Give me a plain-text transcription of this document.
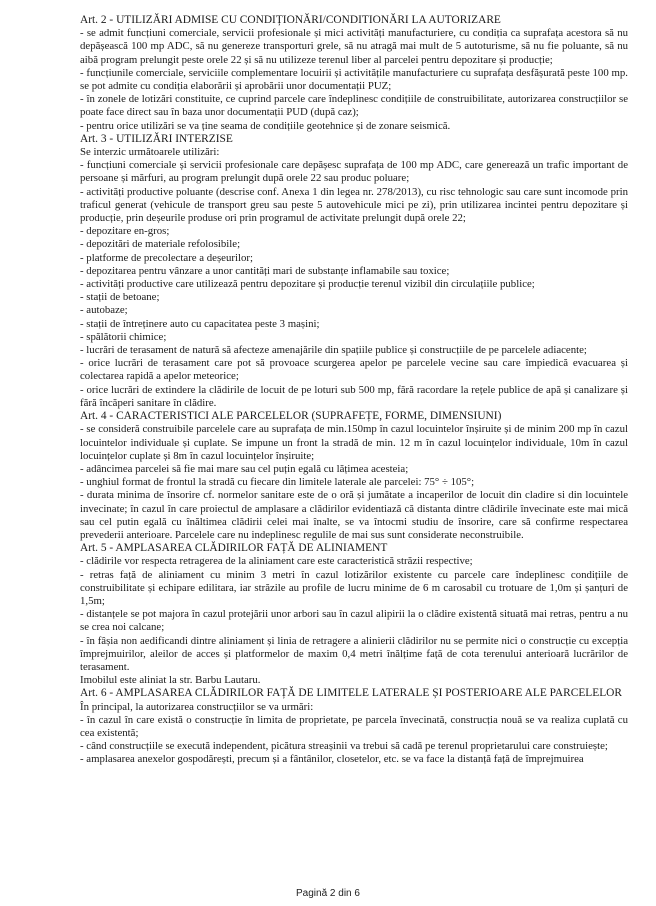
Art. 2 - UTILIZĂRI ADMISE CU CONDIȚIONĂRI/CONDITIONĂRI LA AUTORIZARE

- se admit funcțiuni comerciale, servicii profesionale și mici activități manufacturiere, cu condiția ca suprafața acestora să nu depășească 100 mp ADC, să nu genereze transporturi grele, să nu atragă mai mult de 5 autoturisme, să nu fie poluante, să nu aibă program prelungit peste orele 22 și să nu utilizeze terenul liber al parcelei pentru depozitare și producție;

- funcțiunile comerciale, serviciile complementare locuirii și activitățile manufacturiere cu suprafața desfășurată peste 100 mp. se pot admite cu condiția elaborării și aprobării unor documentații PUZ;

- în zonele de lotizări constituite, ce cuprind parcele care îndeplinesc condițiile de construibilitate, autorizarea construcțiilor se poate face direct sau în baza unor documentații PUD (după caz);

- pentru orice utilizări se va ține seama de condițiile geotehnice și de zonare seismică.

Art. 3 - UTILIZĂRI INTERZISE

Se interzic următoarele utilizări:

- funcțiuni comerciale și servicii profesionale care depășesc suprafața de 100 mp ADC, care generează un trafic important de persoane și mărfuri, au program prelungit după orele 22 sau produc poluare;

- activități productive poluante (descrise conf. Anexa 1 din legea nr. 278/2013), cu risc tehnologic sau care sunt incomode prin traficul generat (vehicule de transport greu sau peste 5 autovehicule mici pe zi), prin utilizarea incintei pentru depozitare și producție, prin deșeurile produse ori prin programul de activitate prelungit după orele 22;

- depozitare en-gros;

- depozitări de materiale refolosibile;

- platforme de precolectare a deșeurilor;

- depozitarea pentru vânzare a unor cantități mari de substanțe inflamabile sau toxice;

- activități productive care utilizează pentru depozitare și producție terenul vizibil din circulațiile publice;

- stații de betoane;

- autobaze;

- stații de întreținere auto cu capacitatea peste 3 mașini;

- spălătorii chimice;

- lucrări de terasament de natură să afecteze amenajările din spațiile publice și construcțiile de pe parcelele adiacente;

- orice lucrări de terasament care pot să provoace scurgerea apelor pe parcelele vecine sau care împiedică evacuarea și colectarea rapidă a apelor meteorice;

- orice lucrări de extindere la clădirile de locuit de pe loturi sub 500 mp, fără racordare la rețele publice de apă și canalizare și fără încăperi sanitare în clădire.

Art. 4 - CARACTERISTICI ALE PARCELELOR (SUPRAFEȚE, FORME, DIMENSIUNI)

- se consideră construibile parcelele care au suprafața de min.150mp în cazul locuintelor înșiruite și de minim 200 mp în cazul locuintelor individuale și cuplate. Se impune un front la stradă de min. 12 m în cazul locuințelor individuale, 10m în cazul locuințelor cuplate și 8m în cazul locuințelor înșiruite;

- adâncimea parcelei să fie mai mare sau cel puțin egală cu lățimea acesteia;

- unghiul format de frontul la stradă cu fiecare din limitele laterale ale parcelei: 75° ÷ 105°;

- durata minima de însorire cf. normelor sanitare este de o oră și jumătate a incaperilor de locuit din cladire si din locuintele invecinate; în cazul în care proiectul de amplasare a clădirilor evidentiază că distanta dintre clădirile învecinate este mai mică sau cel putin egală cu înăltimea clădirii celei mai înalte, se va întocmi studiu de însorire, care să confirme respectarea prevederii anterioare. Parcelele care nu indeplinesc regulile de mai sus sunt considerate neconstruibile.

Art. 5 - AMPLASAREA CLĂDIRILOR FAȚĂ DE ALINIAMENT

- clădirile vor respecta retragerea de la aliniament care este caracteristică străzii respective;

- retras față de aliniament cu minim 3 metri în cazul lotizărilor existente cu parcele care îndeplinesc condițiile de construibilitate și echipare edilitara, iar străzile au profile de lucru minime de 6 m carosabil cu trotuare de 1,0m și șanțuri de 1,5m;

- distanțele se pot majora în cazul protejării unor arbori sau în cazul alipirii la o clădire existentă situată mai retras, pentru a nu se crea noi calcane;

- în fâșia non aedificandi dintre aliniament și linia de retragere a alinierii clădirilor nu se permite nici o construcție cu excepția împrejmuirilor, aleilor de acces și platformelor de maxim 0,4 metri înălțime față de cota terenului anterioară lucrărilor de terasament.

Imobilul este aliniat la str. Barbu Lautaru.

Art. 6 - AMPLASAREA CLĂDIRILOR FAȚĂ DE LIMITELE LATERALE ȘI POSTERIOARE ALE PARCELELOR

În principal, la autorizarea construcțiilor se va urmări:

- în cazul în care există o construcție în limita de proprietate, pe parcela învecinată, construcția nouă se va realiza cuplată cu cea existentă;

- când construcțiile se execută independent, picătura streașinii va trebui să cadă pe terenul proprietarului care construiește;

- amplasarea anexelor gospodărești, precum și a fântânilor, closetelor, etc. se va face la distanță față de împrejmuirea

Pagină 2 din 6
